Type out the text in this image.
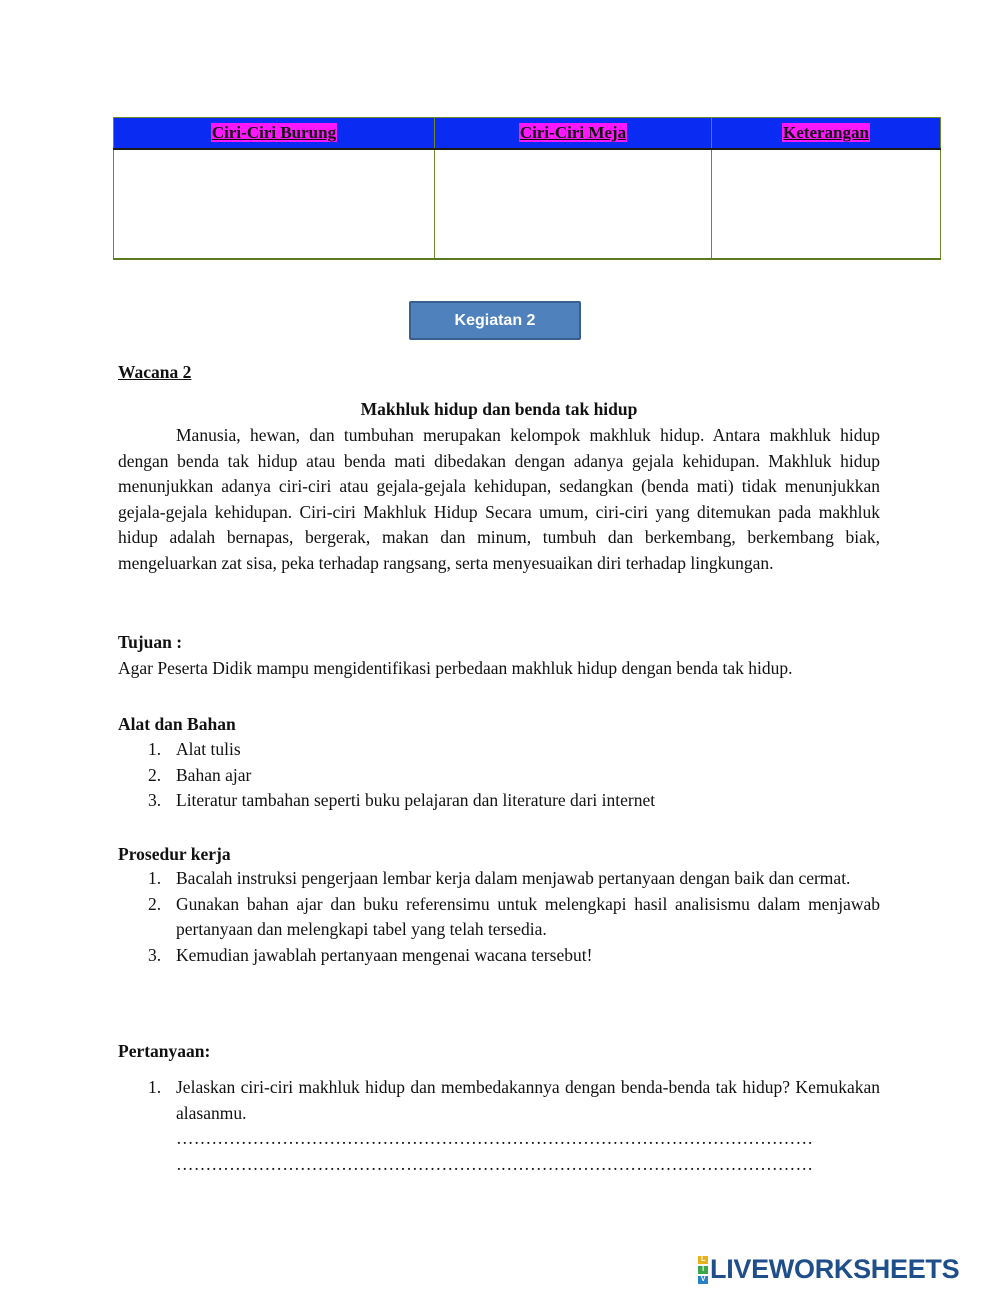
Ciri-Ciri Burung	Ciri-Ciri Meja	Keterangan

Kegiatan 2
Wacana 2
Makhluk hidup dan benda tak hidup
Manusia, hewan, dan tumbuhan merupakan kelompok makhluk hidup. Antara makhluk hidup dengan benda tak hidup atau benda mati dibedakan dengan adanya gejala kehidupan. Makhluk hidup menunjukkan adanya ciri-ciri atau gejala-gejala kehidupan, sedangkan (benda mati) tidak menunjukkan gejala-gejala kehidupan. Ciri-ciri Makhluk Hidup Secara umum, ciri-ciri yang ditemukan pada makhluk hidup adalah bernapas, bergerak, makan dan minum, tumbuh dan berkembang, berkembang biak, mengeluarkan zat sisa, peka terhadap rangsang, serta menyesuaikan diri terhadap lingkungan.
Tujuan :
Agar Peserta Didik mampu mengidentifikasi perbedaan makhluk hidup dengan benda tak hidup.
Alat dan Bahan
1. Alat tulis
2. Bahan ajar
3. Literatur tambahan seperti buku pelajaran dan literature dari internet
Prosedur kerja
1. Bacalah instruksi pengerjaan lembar kerja dalam menjawab pertanyaan dengan baik dan cermat.
2. Gunakan bahan ajar dan buku referensimu untuk melengkapi hasil analisismu dalam menjawab pertanyaan dan melengkapi tabel yang telah tersedia.
3. Kemudian jawablah pertanyaan mengenai wacana tersebut!
Pertanyaan:
1. Jelaskan ciri-ciri makhluk hidup dan membedakannya dengan benda-benda tak hidup? Kemukakan alasanmu.
………………………………………………………………………………………………
………………………………………………………………………………………………
L
I
V LIVEWORKSHEETS
